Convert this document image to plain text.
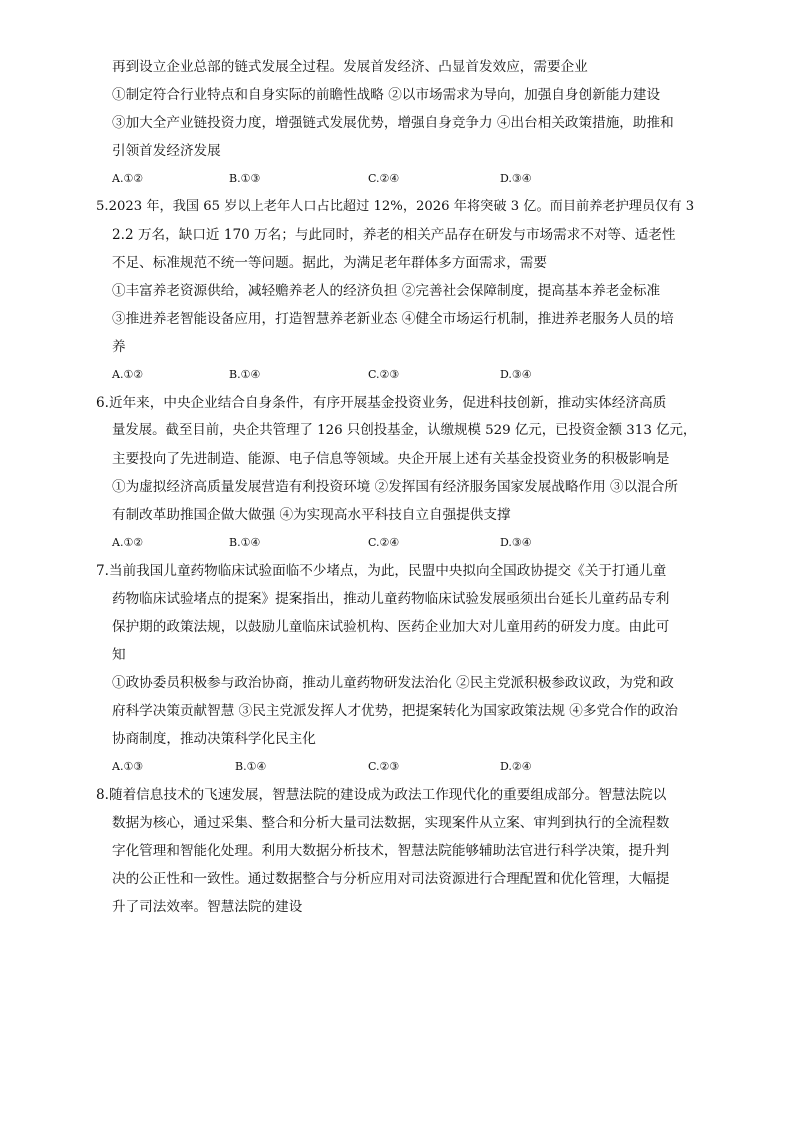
再到设立企业总部的链式发展全过程。发展首发经济、凸显首发效应，需要企业
①制定符合行业特点和自身实际的前瞻性战略 ②以市场需求为导向，加强自身创新能力建设
③加大全产业链投资力度，增强链式发展优势，增强自身竞争力 ④出台相关政策措施，助推和
引领首发经济发展
A.①②	B.①③	C.②④	D.③④
5.2023 年，我国 65 岁以上老年人口占比超过 12%，2026 年将突破 3 亿。而目前养老护理员仅有 3
2.2 万名，缺口近 170 万名；与此同时，养老的相关产品存在研发与市场需求不对等、适老性
不足、标准规范不统一等问题。据此，为满足老年群体多方面需求，需要
①丰富养老资源供给，减轻赡养老人的经济负担 ②完善社会保障制度，提高基本养老金标准
③推进养老智能设备应用，打造智慧养老新业态 ④健全市场运行机制，推进养老服务人员的培
养
A.①②	B.①④	C.②③	D.③④
6.近年来，中央企业结合自身条件，有序开展基金投资业务，促进科技创新，推动实体经济高质
量发展。截至目前，央企共管理了 126 只创投基金，认缴规模 529 亿元，已投资金额 313 亿元，
主要投向了先进制造、能源、电子信息等领域。央企开展上述有关基金投资业务的积极影响是
①为虚拟经济高质量发展营造有利投资环境 ②发挥国有经济服务国家发展战略作用 ③以混合所
有制改革助推国企做大做强 ④为实现高水平科技自立自强提供支撑
A.①②	B.①④	C.②④	D.③④
7.当前我国儿童药物临床试验面临不少堵点，为此，民盟中央拟向全国政协提交《关于打通儿童
药物临床试验堵点的提案》提案指出，推动儿童药物临床试验发展亟须出台延长儿童药品专利
保护期的政策法规，以鼓励儿童临床试验机构、医药企业加大对儿童用药的研发力度。由此可
知
①政协委员积极参与政治协商，推动儿童药物研发法治化 ②民主党派积极参政议政，为党和政
府科学决策贡献智慧 ③民主党派发挥人才优势，把提案转化为国家政策法规 ④多党合作的政治
协商制度，推动决策科学化民主化
A.①③	B.①④	C.②③	D.②④
8.随着信息技术的飞速发展，智慧法院的建设成为政法工作现代化的重要组成部分。智慧法院以
数据为核心，通过采集、整合和分析大量司法数据，实现案件从立案、审判到执行的全流程数
字化管理和智能化处理。利用大数据分析技术，智慧法院能够辅助法官进行科学决策，提升判
决的公正性和一致性。通过数据整合与分析应用对司法资源进行合理配置和优化管理，大幅提
升了司法效率。智慧法院的建设
